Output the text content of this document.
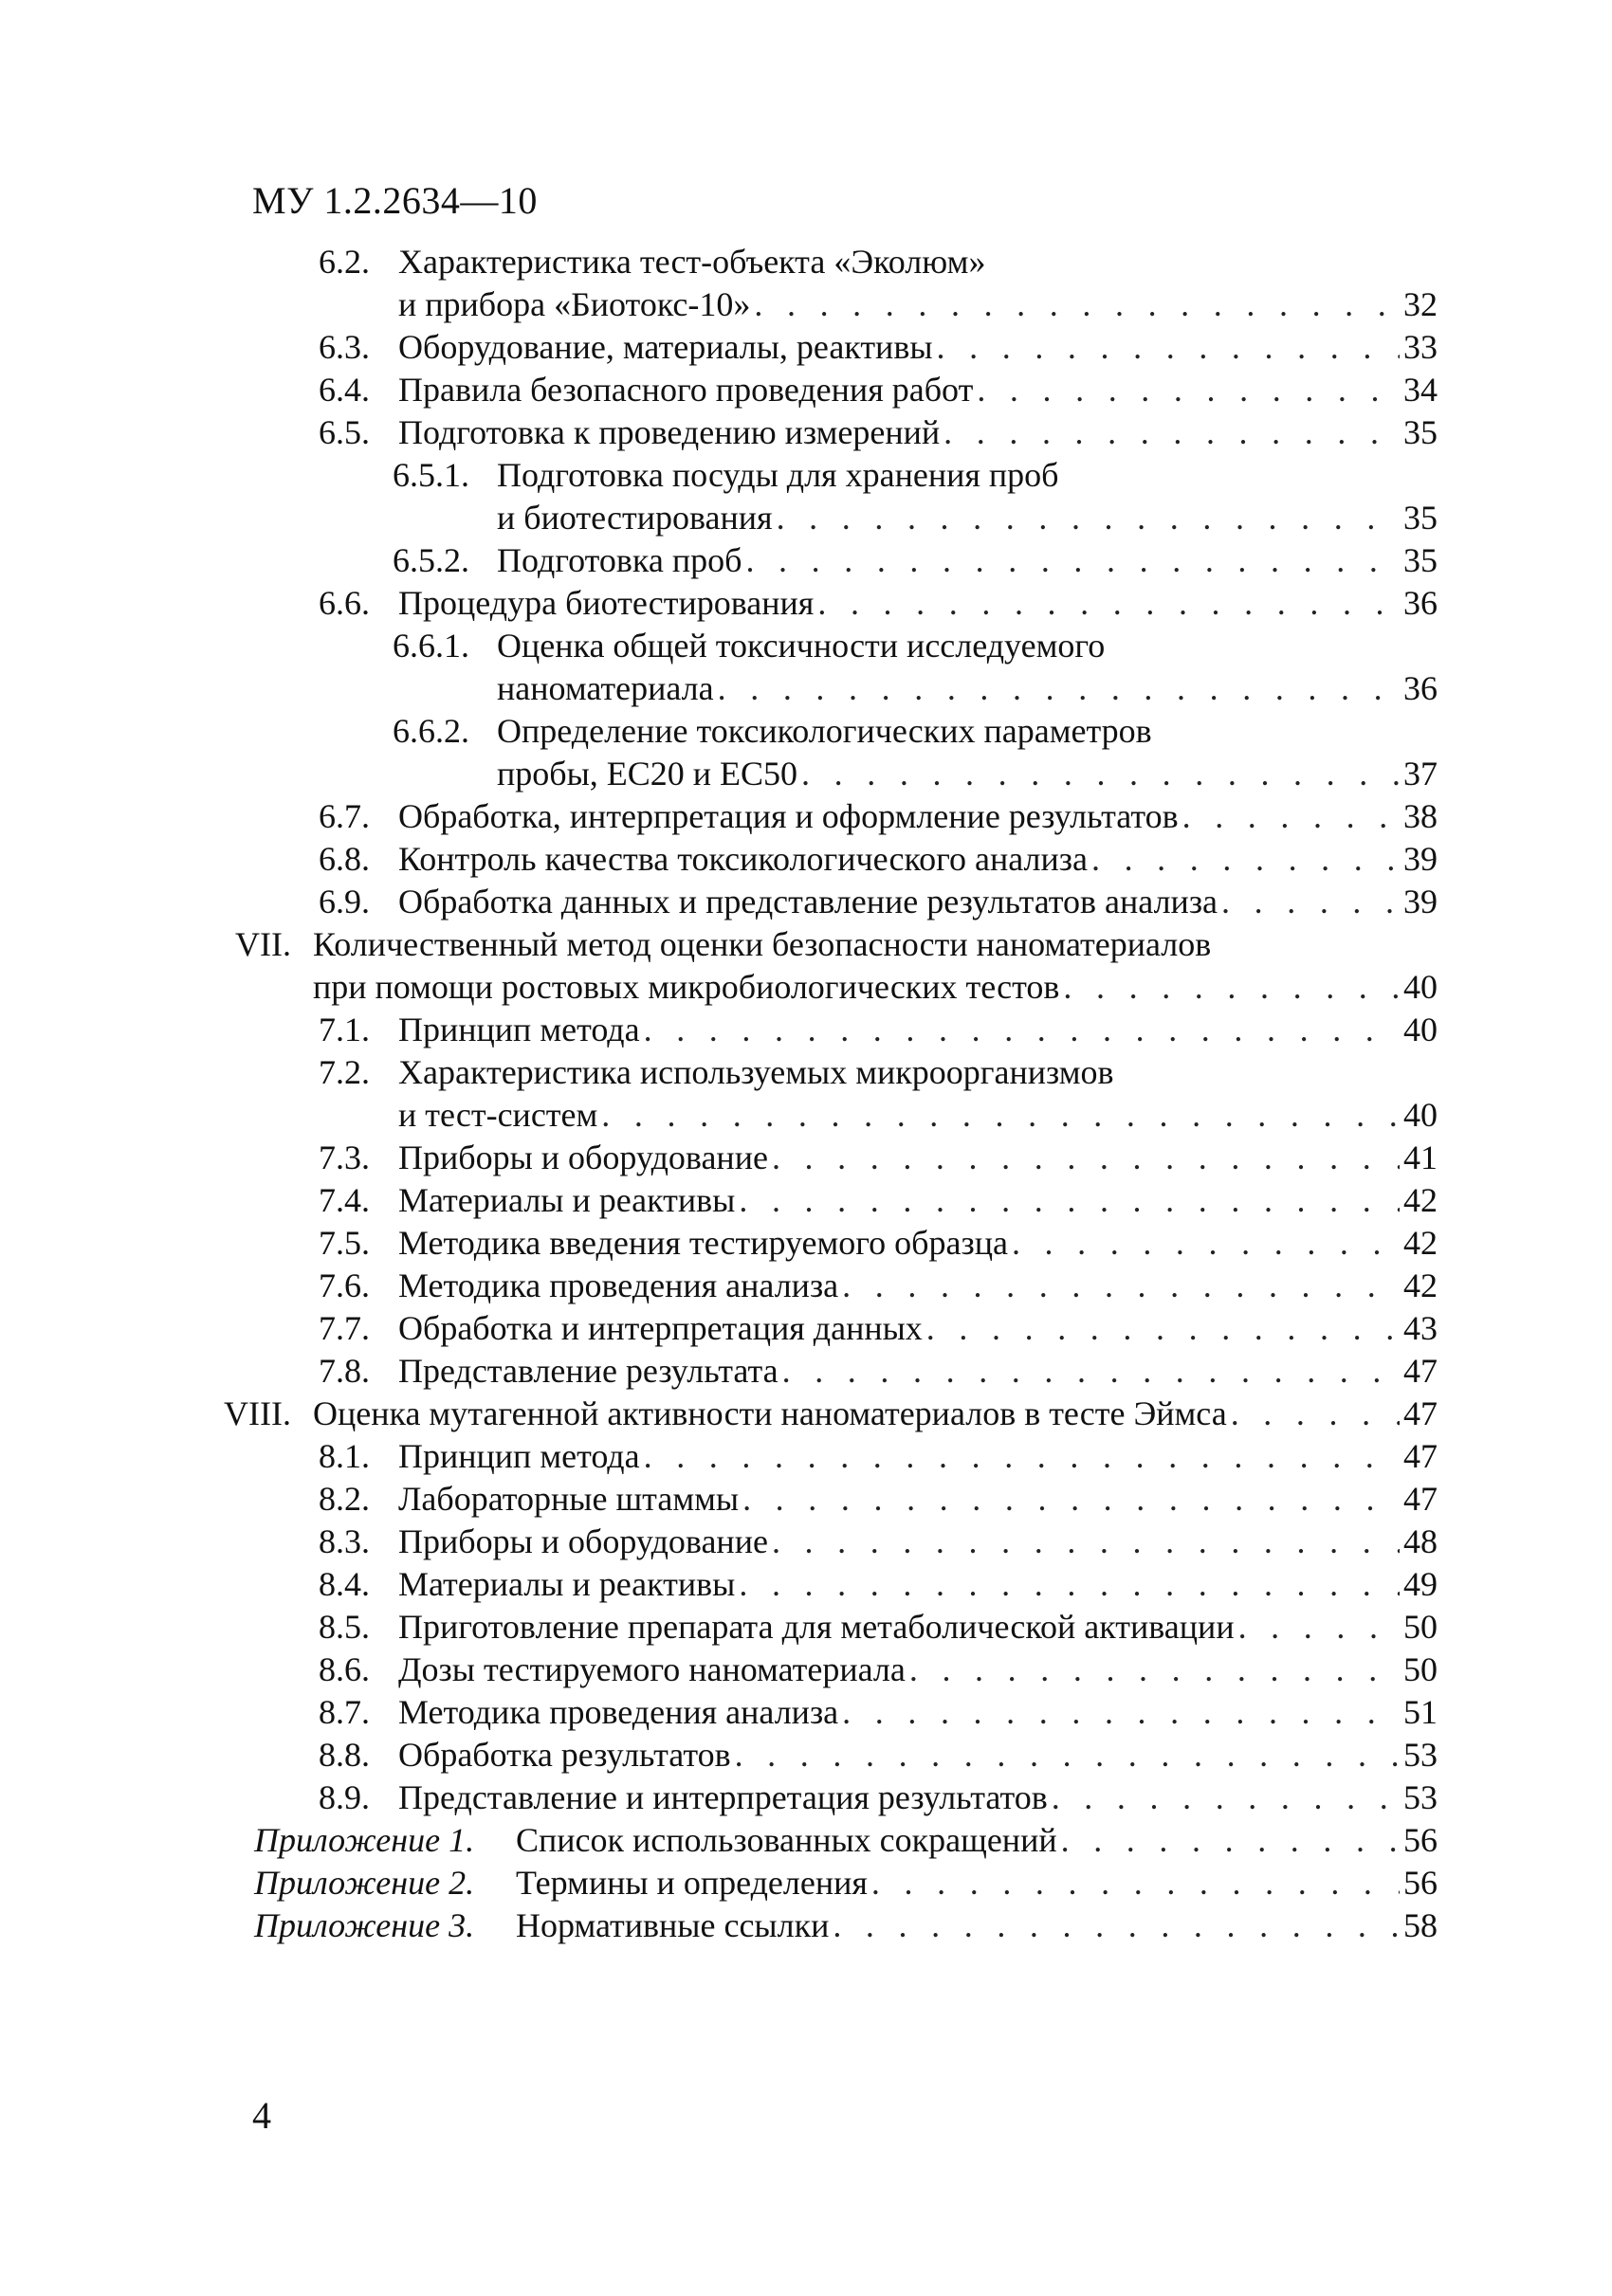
МУ 1.2.2634—10
6.2. Характеристика тест-объекта «Эколюм»
и прибора «Биотокс-10» . . .	32
6.3. Оборудование, материалы, реактивы . . .	33
6.4. Правила безопасного проведения работ . . .	34
6.5. Подготовка к проведению измерений . . .	35
6.5.1. Подготовка посуды для хранения проб
и биотестирования . . .	35
6.5.2. Подготовка проб . . .	35
6.6. Процедура биотестирования . . .	36
6.6.1. Оценка общей токсичности исследуемого
наноматериала . . .	36
6.6.2. Определение токсикологических параметров
пробы, ЕС20 и ЕС50 . . .	37
6.7. Обработка, интерпретация и оформление результатов . . .	38
6.8. Контроль качества токсикологического анализа . . .	39
6.9. Обработка данных и представление результатов анализа . . .	39
VII. Количественный метод оценки безопасности наноматериалов
при помощи ростовых микробиологических тестов . . .	40
7.1. Принцип метода . . .	40
7.2. Характеристика используемых микроорганизмов
и тест-систем . . .	40
7.3. Приборы и оборудование . . .	41
7.4. Материалы и реактивы . . .	42
7.5. Методика введения тестируемого образца . . .	42
7.6. Методика проведения анализа . . .	42
7.7. Обработка и интерпретация данных . . .	43
7.8. Представление результата . . .	47
VIII. Оценка мутагенной активности наноматериалов в тесте Эймса . . .	47
8.1. Принцип метода . . .	47
8.2. Лабораторные штаммы . . .	47
8.3. Приборы и оборудование . . .	48
8.4. Материалы и реактивы . . .	49
8.5. Приготовление препарата для метаболической активации . . .	50
8.6. Дозы тестируемого наноматериала . . .	50
8.7. Методика проведения анализа . . .	51
8.8. Обработка результатов . . .	53
8.9. Представление и интерпретация результатов . . .	53
Приложение 1.	Список использованных сокращений . . .	56
Приложение 2.	Термины и определения . . .	56
Приложение 3.	Нормативные ссылки . . .	58
4
